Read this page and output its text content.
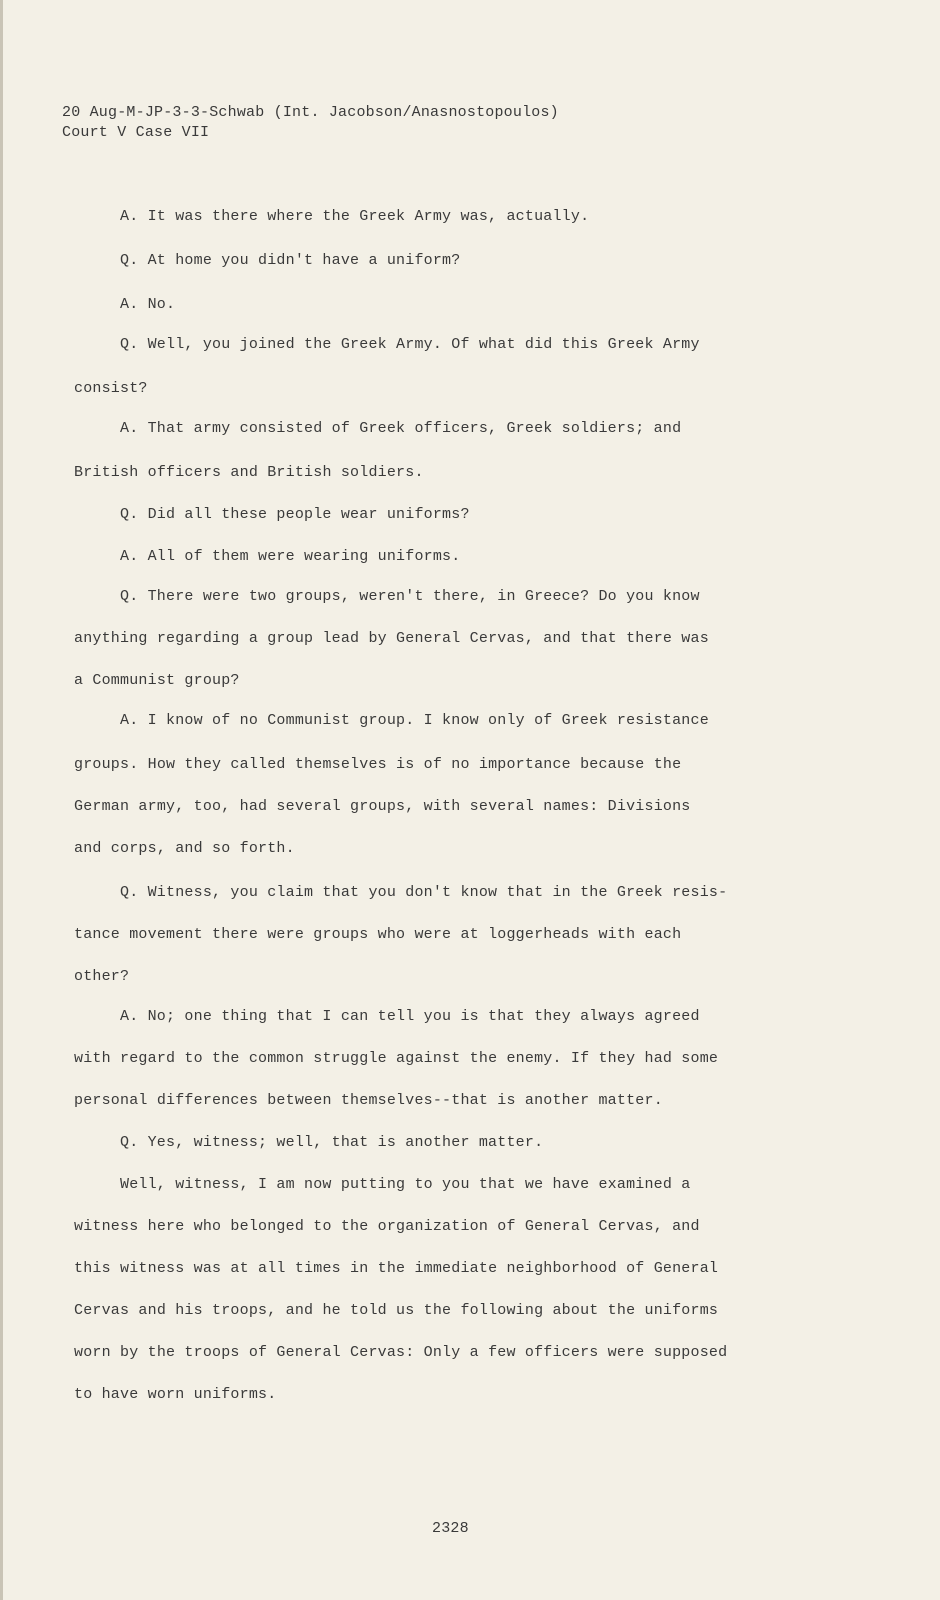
20 Aug-M-JP-3-3-Schwab (Int. Jacobson/Anasnostopoulos)
Court V Case VII
A. It was there where the Greek Army was, actually.
Q. At home you didn't have a uniform?
A. No.
Q. Well, you joined the Greek Army. Of what did this Greek Army
consist?
A. That army consisted of Greek officers, Greek soldiers; and
British officers and British soldiers.
Q. Did all these people wear uniforms?
A. All of them were wearing uniforms.
Q. There were two groups, weren't there, in Greece? Do you know
anything regarding a group lead by General Cervas, and that there was
a Communist group?
A. I know of no Communist group. I know only of Greek resistance
groups. How they called themselves is of no importance because the
German army, too, had several groups, with several names: Divisions
and corps, and so forth.
Q. Witness, you claim that you don't know that in the Greek resis-
tance movement there were groups who were at loggerheads with each
other?
A. No; one thing that I can tell you is that they always agreed
with regard to the common struggle against the enemy. If they had some
personal differences between themselves--that is another matter.
Q. Yes, witness; well, that is another matter.
Well, witness, I am now putting to you that we have examined a
witness here who belonged to the organization of General Cervas, and
this witness was at all times in the immediate neighborhood of General
Cervas and his troops, and he told us the following about the uniforms
worn by the troops of General Cervas: Only a few officers were supposed
to have worn uniforms.
2328
